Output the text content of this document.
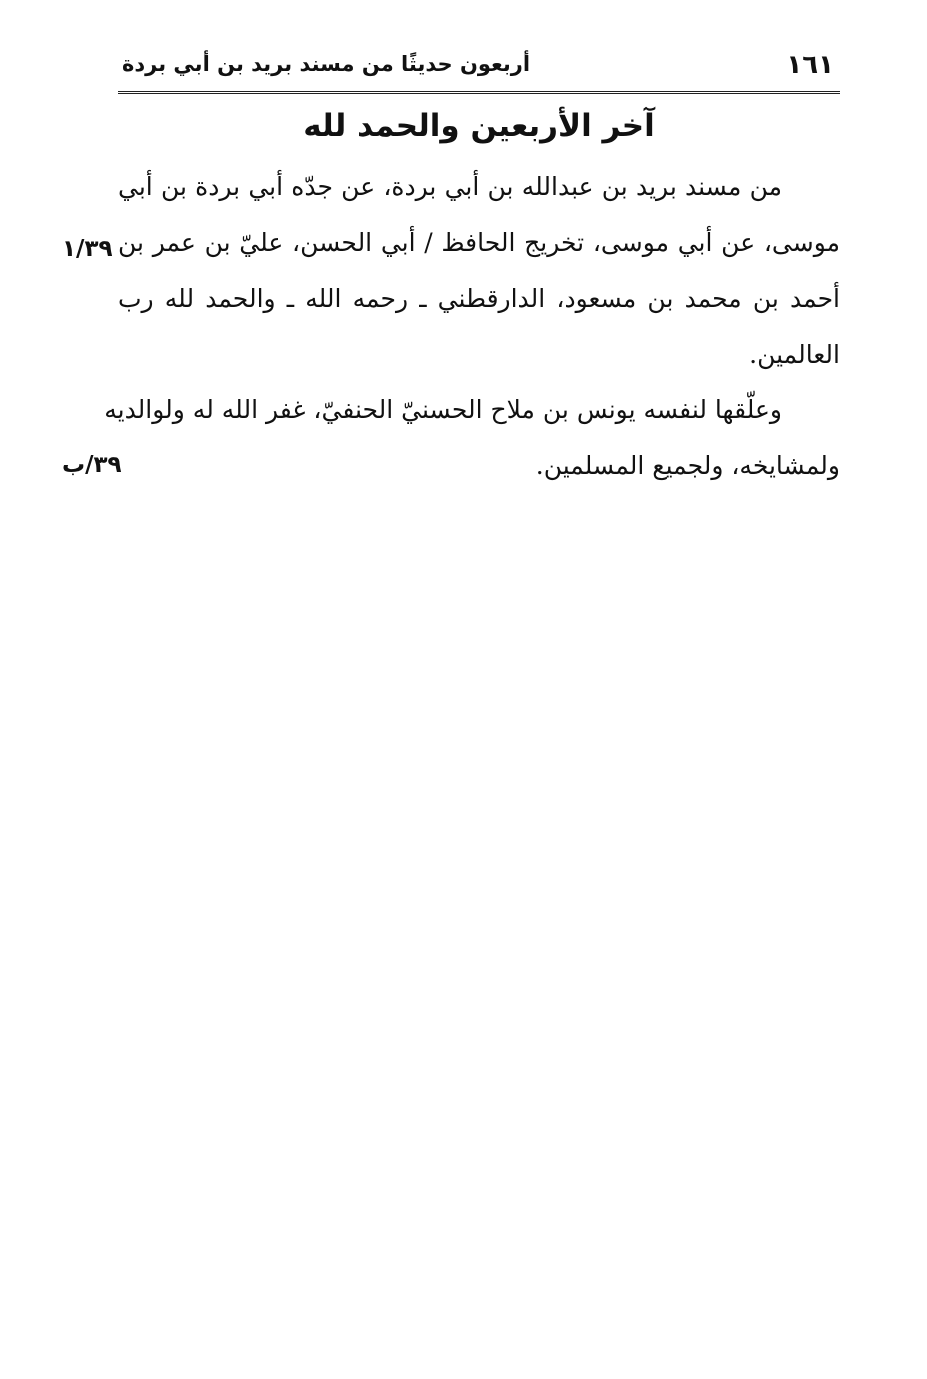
١٦١
أربعون حديثًا من مسند بريد بن أبي بردة
آخر الأربعين والحمد لله
من مسند بريد بن عبدالله بن أبي بردة، عن جدّه أبي بردة بن أبي
موسى، عن أبي موسى، تخريج الحافظ / أبي الحسن، عليّ بن عمر بن
أحمد بن محمد بن مسعود، الدارقطني ـ رحمه الله ـ والحمد لله رب
العالمين.
وعلّقها لنفسه يونس بن ملاح الحسنيّ الحنفيّ، غفر الله له ولوالديه
ولمشايخه، ولجميع المسلمين.
١/٣٩
٣٩/ب
